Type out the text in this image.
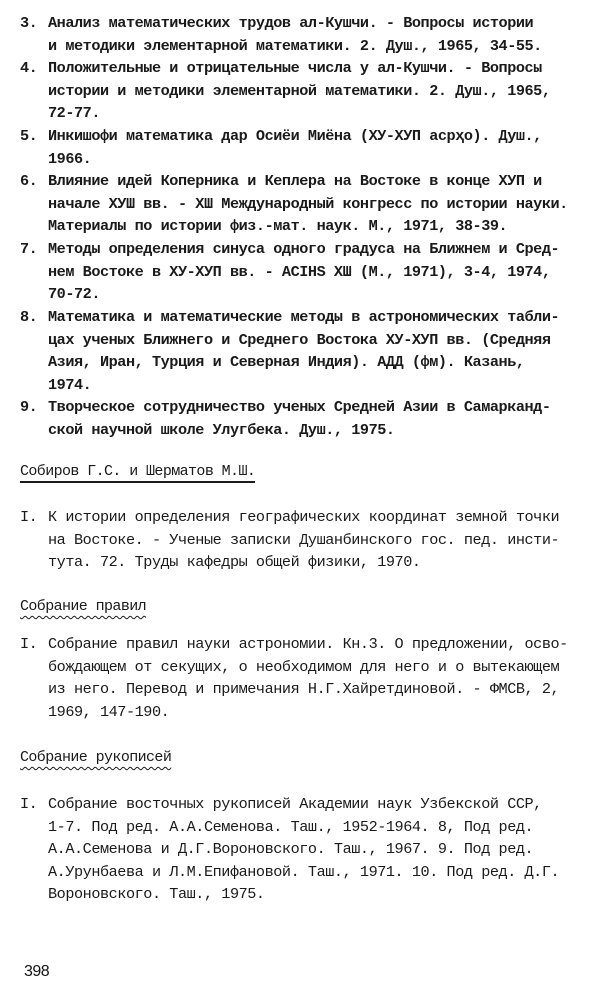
3. Анализ математических трудов ал-Кушчи. - Вопросы истории
и методики элементарной математики. 2. Душ., 1965, 34-55.
4. Положительные и отрицательные числа у ал-Кушчи. - Вопросы
истории и методики элементарной математики. 2. Душ., 1965,
72-77.
5. Инкишофи математика дар Осиёи Миёна (ХУ-ХУП асрҳо). Душ.,
1966.
6. Влияние идей Коперника и Кеплера на Востоке в конце ХУП и
начале ХУШ вв. - ХШ Международный конгресс по истории науки.
Материалы по истории физ.-мат. наук. М., 1971, 38-39.
7. Методы определения синуса одного градуса на Ближнем и Сред-
нем Востоке в ХУ-ХУП вв. - ACIHS ХШ (М., 1971), 3-4, 1974,
70-72.
8. Математика и математические методы в астрономических табли-
цах ученых Ближнего и Среднего Востока ХУ-ХУП вв. (Средняя
Азия, Иран, Турция и Северная Индия). АДД (фм). Казань,
1974.
9. Творческое сотрудничество ученых Средней Азии в Самарканд-
ской научной школе Улугбека. Душ., 1975.
Собиров Г.С. и Шерматов М.Ш.
I. К истории определения географических координат земной точки
на Востоке. - Ученые записки Душанбинского гос. пед. инсти-
тута. 72. Труды кафедры общей физики, 1970.
Собрание правил
I. Собрание правил науки астрономии. Кн.3. О предложении, осво-
бождающем от секущих, о необходимом для него и о вытекающем
из него. Перевод и примечания Н.Г.Хайретдиновой. - ФМСВ, 2,
1969, 147-190.
Собрание рукописей
I. Собрание восточных рукописей Академии наук Узбекской ССР,
1-7. Под ред. А.А.Семенова. Таш., 1952-1964. 8, Под ред.
А.А.Семенова и Д.Г.Вороновского. Таш., 1967. 9. Под ред.
А.Урунбаева и Л.М.Епифановой. Таш., 1971. 10. Под ред. Д.Г.
Вороновского. Таш., 1975.
398
